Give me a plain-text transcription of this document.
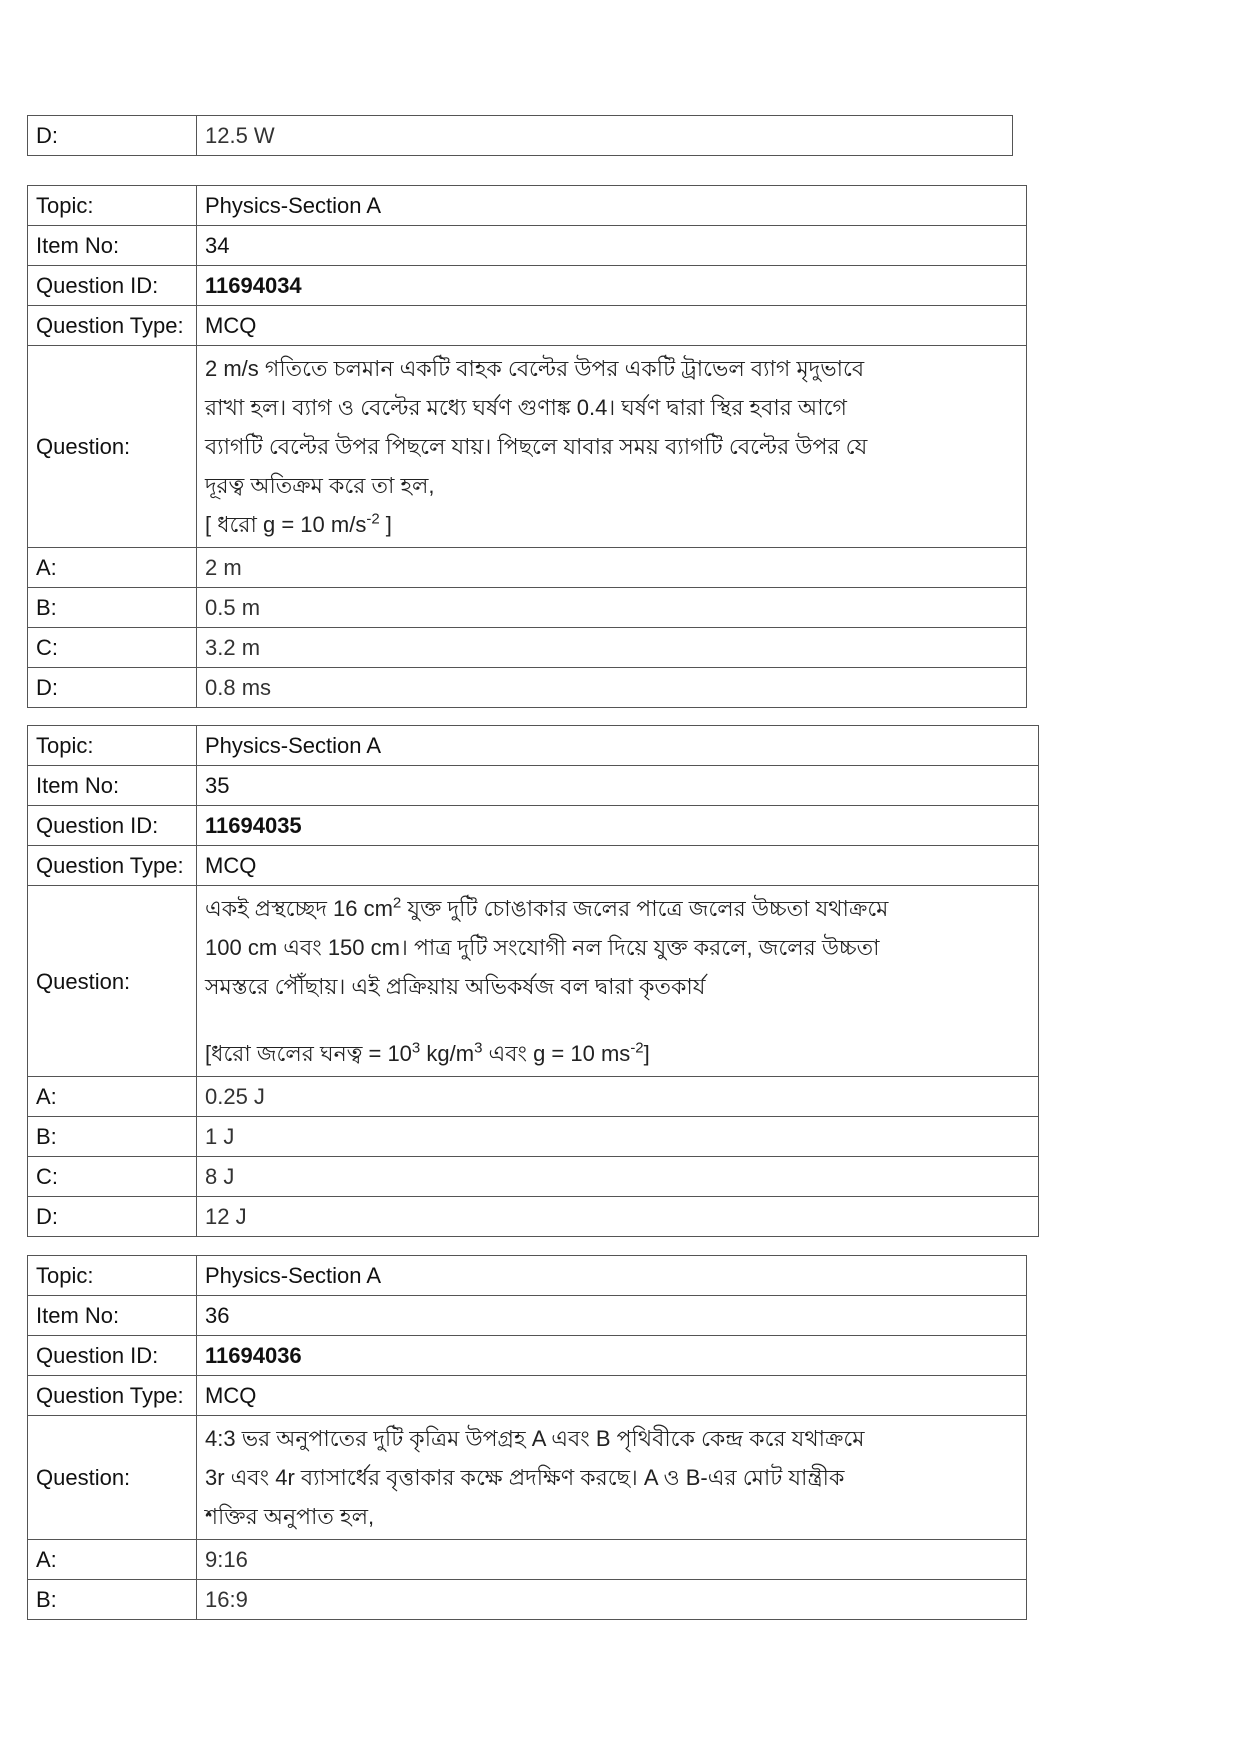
D:	12.5 W
Topic:	Physics-Section A
Item No:	34
Question ID:	11694034
Question Type:	MCQ
Question:	2 m/s গতিতে চলমান একটি বাহক বেল্টের উপর একটি ট্রাভেল ব্যাগ মৃদুভাবে

রাখা হল। ব্যাগ ও বেল্টের মধ্যে ঘর্ষণ গুণাঙ্ক 0.4। ঘর্ষণ দ্বারা স্থির হবার আগে

ব্যাগটি বেল্টের উপর পিছলে যায়। পিছলে যাবার সময় ব্যাগটি বেল্টের উপর যে

দূরত্ব অতিক্রম করে তা হল,

[ ধরো g = 10 $m/s^{-2}$ ]

A:	2 m
B:	0.5 m
C:	3.2 m
D:	0.8 ms
Topic:	Physics-Section A
Item No:	35
Question ID:	11694035
Question Type:	MCQ
Question:	একই প্রস্থচ্ছেদ 16 $cm^2$ যুক্ত দুটি চোঙাকার জলের পাত্রে জলের উচ্চতা যথাক্রমে

100 cm এবং 150 cm। পাত্র দুটি সংযোগী নল দিয়ে যুক্ত করলে, জলের উচ্চতা

সমস্তরে পৌঁছায়। এই প্রক্রিয়ায় অভিকর্ষজ বল দ্বারা কৃতকার্য

[ধরো জলের ঘনত্ব = $10^3$ $kg/m^3$ এবং g = 10 $ms^{-2}$]

A:	0.25 J
B:	1 J
C:	8 J
D:	12 J
Topic:	Physics-Section A
Item No:	36
Question ID:	11694036
Question Type:	MCQ
Question:	4:3 ভর অনুপাতের দুটি কৃত্রিম উপগ্রহ A এবং B পৃথিবীকে কেন্দ্র করে যথাক্রমে

3r এবং 4r ব্যাসার্ধের বৃত্তাকার কক্ষে প্রদক্ষিণ করছে। A ও B-এর মোট যান্ত্রীক

শক্তির অনুপাত হল,

A:	9:16
B:	16:9
